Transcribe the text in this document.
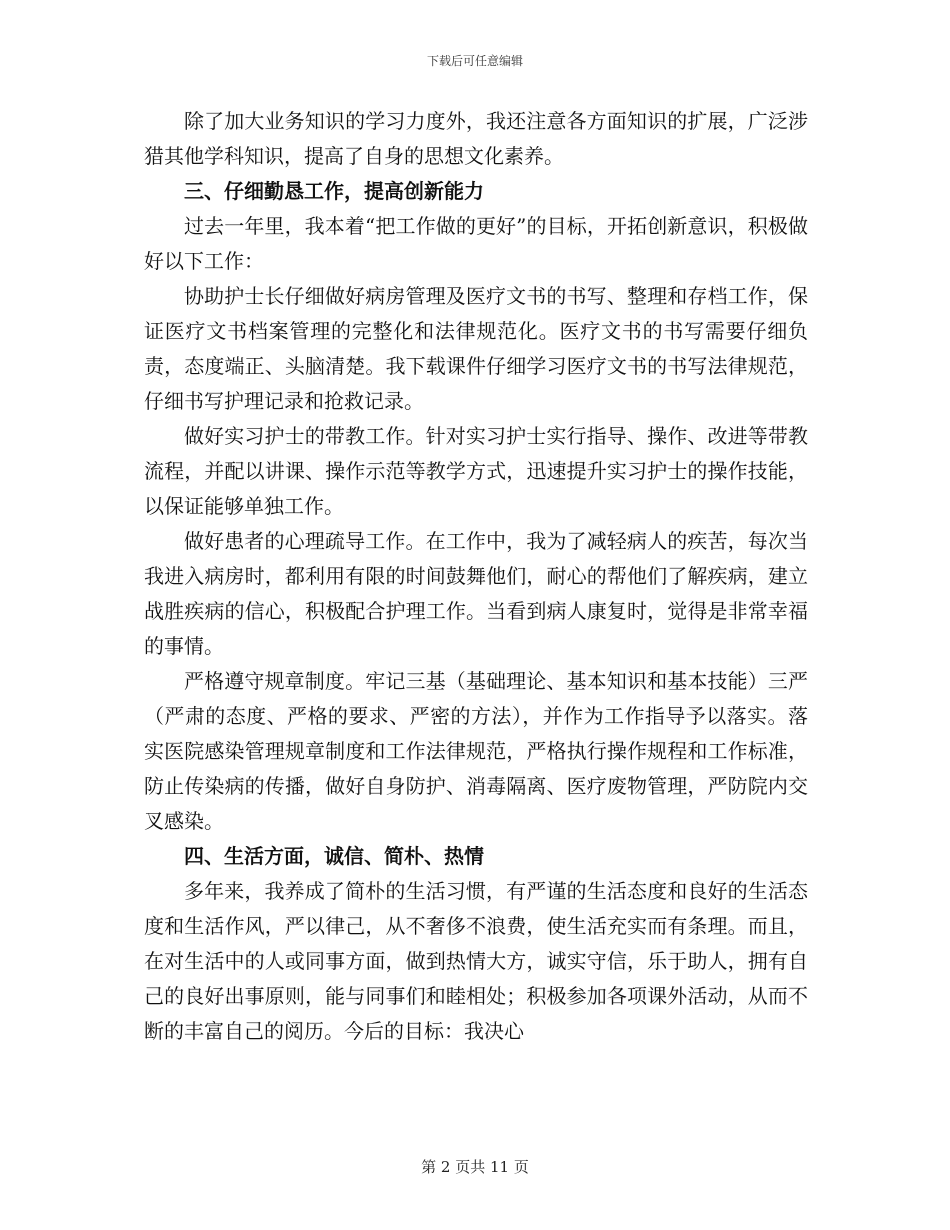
下载后可任意编辑

除了加大业务知识的学习力度外，我还注意各方面知识的扩展，广泛涉猎其他学科知识，提高了自身的思想文化素养。

三、仔细勤恳工作，提高创新能力

过去一年里，我本着“把工作做的更好”的目标，开拓创新意识，积极做好以下工作：

协助护士长仔细做好病房管理及医疗文书的书写、整理和存档工作，保证医疗文书档案管理的完整化和法律规范化。医疗文书的书写需要仔细负责，态度端正、头脑清楚。我下载课件仔细学习医疗文书的书写法律规范，仔细书写护理记录和抢救记录。

做好实习护士的带教工作。针对实习护士实行指导、操作、改进等带教流程，并配以讲课、操作示范等教学方式，迅速提升实习护士的操作技能，以保证能够单独工作。

做好患者的心理疏导工作。在工作中，我为了减轻病人的疾苦，每次当我进入病房时，都利用有限的时间鼓舞他们，耐心的帮他们了解疾病，建立战胜疾病的信心，积极配合护理工作。当看到病人康复时，觉得是非常幸福的事情。

严格遵守规章制度。牢记三基（基础理论、基本知识和基本技能）三严（严肃的态度、严格的要求、严密的方法），并作为工作指导予以落实。落实医院感染管理规章制度和工作法律规范，严格执行操作规程和工作标准，防止传染病的传播，做好自身防护、消毒隔离、医疗废物管理，严防院内交叉感染。

四、生活方面，诚信、简朴、热情

多年来，我养成了简朴的生活习惯，有严谨的生活态度和良好的生活态度和生活作风，严以律己，从不奢侈不浪费，使生活充实而有条理。而且，在对生活中的人或同事方面，做到热情大方，诚实守信，乐于助人，拥有自己的良好出事原则，能与同事们和睦相处；积极参加各项课外活动，从而不断的丰富自己的阅历。今后的目标：我决心

第 2 页共 11 页
